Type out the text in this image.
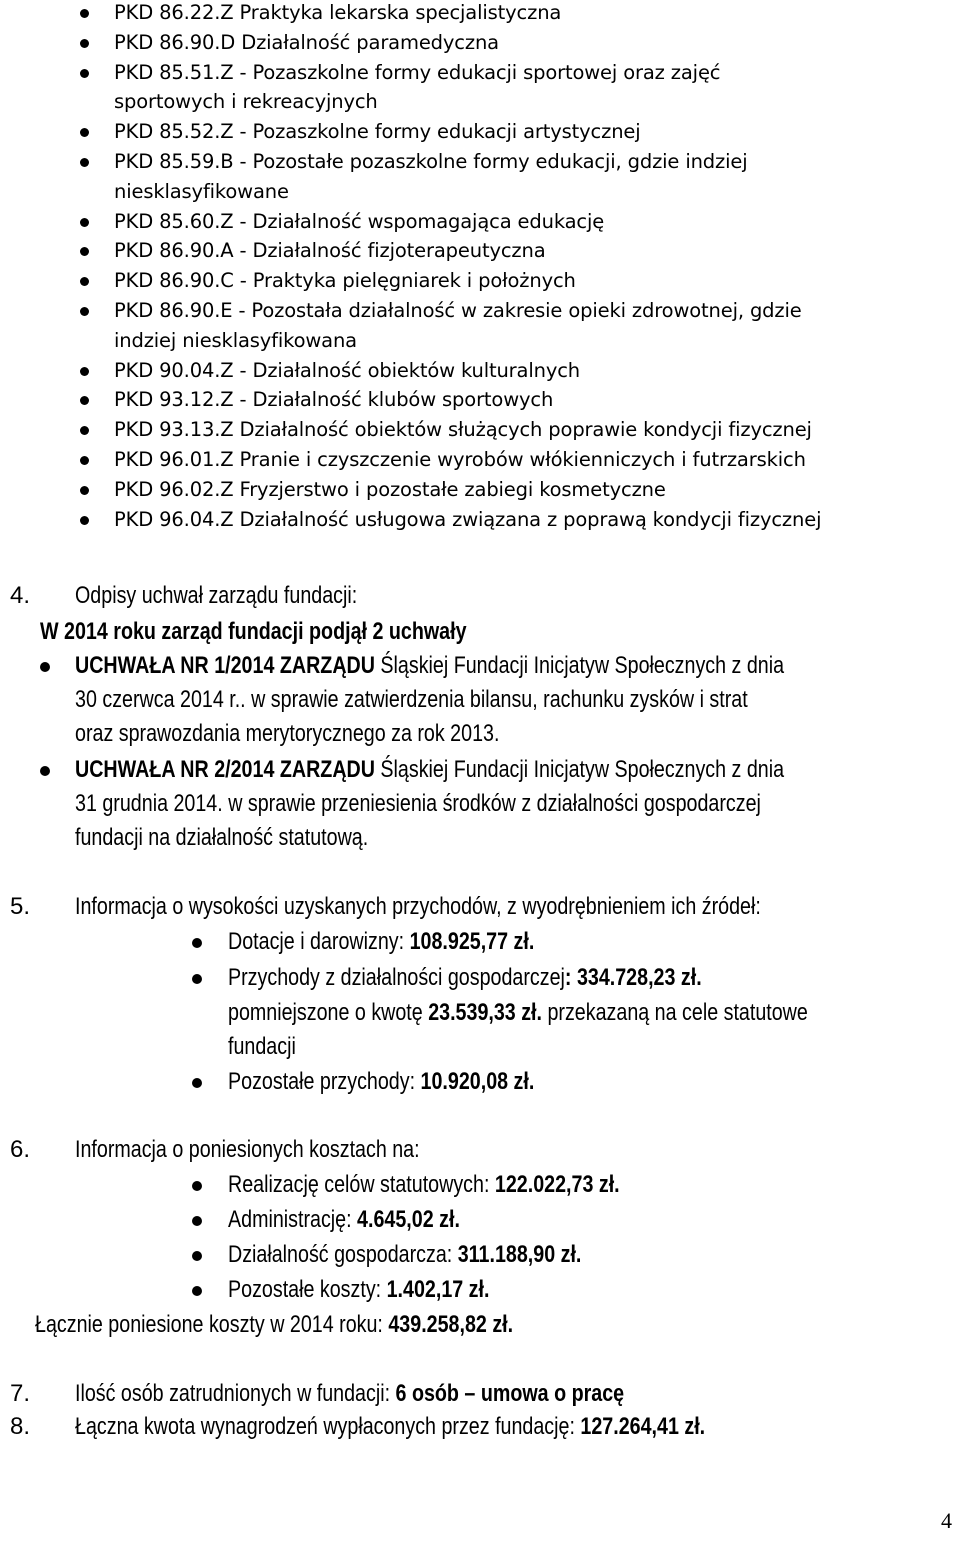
PKD 86.22.Z Praktyka lekarska specjalistyczna
PKD 86.90.D Działalność paramedyczna
PKD 85.51.Z - Pozaszkolne formy edukacji sportowej oraz zajęć
sportowych i rekreacyjnych
PKD 85.52.Z - Pozaszkolne formy edukacji artystycznej
PKD 85.59.B - Pozostałe pozaszkolne formy edukacji, gdzie indziej
niesklasyfikowane
PKD 85.60.Z - Działalność wspomagająca edukację
PKD 86.90.A - Działalność fizjoterapeutyczna
PKD 86.90.C - Praktyka pielęgniarek i położnych
PKD 86.90.E - Pozostała działalność w zakresie opieki zdrowotnej, gdzie
indziej niesklasyfikowana
PKD 90.04.Z - Działalność obiektów kulturalnych
PKD 93.12.Z - Działalność klubów sportowych
PKD 93.13.Z Działalność obiektów służących poprawie kondycji fizycznej
PKD 96.01.Z Pranie i czyszczenie wyrobów włókienniczych i futrzarskich
PKD 96.02.Z Fryzjerstwo i pozostałe zabiegi kosmetyczne
PKD 96.04.Z Działalność usługowa związana z poprawą kondycji fizycznej
4. Odpisy uchwał zarządu fundacji:
W 2014 roku zarząd fundacji podjął 2 uchwały
UCHWAŁA NR 1/2014 ZARZĄDU Śląskiej Fundacji Inicjatyw Społecznych z dnia
30 czerwca 2014 r.. w sprawie zatwierdzenia bilansu, rachunku zysków i strat
oraz sprawozdania merytorycznego za rok 2013.
UCHWAŁA NR 2/2014 ZARZĄDU Śląskiej Fundacji Inicjatyw Społecznych z dnia
31 grudnia 2014. w sprawie przeniesienia środków z działalności gospodarczej
fundacji na działalność statutową.
5. Informacja o wysokości uzyskanych przychodów, z wyodrębnieniem ich źródeł:
Dotacje i darowizny: 108.925,77 zł.
Przychody z działalności gospodarczej: 334.728,23 zł.
pomniejszone o kwotę 23.539,33 zł. przekazaną na cele statutowe
fundacji
Pozostałe przychody: 10.920,08 zł.
6. Informacja o poniesionych kosztach na:
Realizację celów statutowych: 122.022,73 zł.
Administrację: 4.645,02 zł.
Działalność gospodarcza: 311.188,90 zł.
Pozostałe koszty: 1.402,17 zł.
Łącznie poniesione koszty w 2014 roku: 439.258,82 zł.
7. Ilość osób zatrudnionych w fundacji: 6 osób – umowa o pracę
8. Łączna kwota wynagrodzeń wypłaconych przez fundację: 127.264,41 zł.
4
